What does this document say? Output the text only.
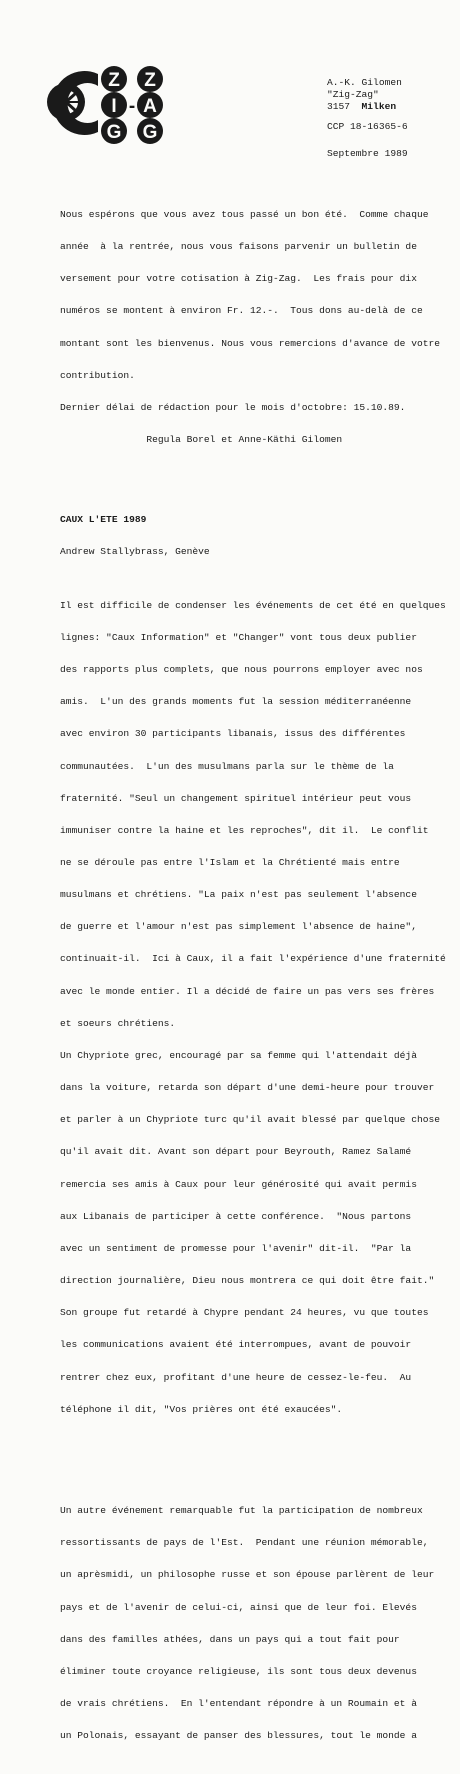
Z
I
G
Z
A
G
-
A.-K. Gilomen
"Zig-Zag"
3157 Milken
CCP 18-16365-6
Septembre 1989

Nous espérons que vous avez tous passé un bon été.  Comme chaque

année  à la rentrée, nous vous faisons parvenir un bulletin de

versement pour votre cotisation à Zig-Zag.  Les frais pour dix

numéros se montent à environ Fr. 12.-.  Tous dons au-delà de ce

montant sont les bienvenus. Nous vous remercions d'avance de votre

contribution.

Dernier délai de rédaction pour le mois d'octobre: 15.10.89.

Regula Borel et Anne-Käthi Gilomen

CAUX L'ETE 1989

Andrew Stallybrass, Genève

Il est difficile de condenser les événements de cet été en quelques

lignes: "Caux Information" et "Changer" vont tous deux publier

des rapports plus complets, que nous pourrons employer avec nos

amis.  L'un des grands moments fut la session méditerranéenne

avec environ 30 participants libanais, issus des différentes

communautées.  L'un des musulmans parla sur le thème de la

fraternité. "Seul un changement spirituel intérieur peut vous

immuniser contre la haine et les reproches", dit il.  Le conflit

ne se déroule pas entre l'Islam et la Chrétienté mais entre

musulmans et chrétiens. "La paix n'est pas seulement l'absence

de guerre et l'amour n'est pas simplement l'absence de haine",

continuait-il.  Ici à Caux, il a fait l'expérience d'une fraternité

avec le monde entier. Il a décidé de faire un pas vers ses frères

et soeurs chrétiens.

Un Chypriote grec, encouragé par sa femme qui l'attendait déjà

dans la voiture, retarda son départ d'une demi-heure pour trouver

et parler à un Chypriote turc qu'il avait blessé par quelque chose

qu'il avait dit. Avant son départ pour Beyrouth, Ramez Salamé

remercia ses amis à Caux pour leur générosité qui avait permis

aux Libanais de participer à cette conférence.  "Nous partons

avec un sentiment de promesse pour l'avenir" dit-il.  "Par la

direction journalière, Dieu nous montrera ce qui doit être fait."

Son groupe fut retardé à Chypre pendant 24 heures, vu que toutes

les communications avaient été interrompues, avant de pouvoir

rentrer chez eux, profitant d'une heure de cessez-le-feu.  Au

téléphone il dit, "Vos prières ont été exaucées".

Un autre événement remarquable fut la participation de nombreux

ressortissants de pays de l'Est.  Pendant une réunion mémorable,

un aprèsmidi, un philosophe russe et son épouse parlèrent de leur

pays et de l'avenir de celui-ci, ainsi que de leur foi. Elevés

dans des familles athées, dans un pays qui a tout fait pour

éliminer toute croyance religieuse, ils sont tous deux devenus

de vrais chrétiens.  En l'entendant répondre à un Roumain et à

un Polonais, essayant de panser des blessures, tout le monde a
